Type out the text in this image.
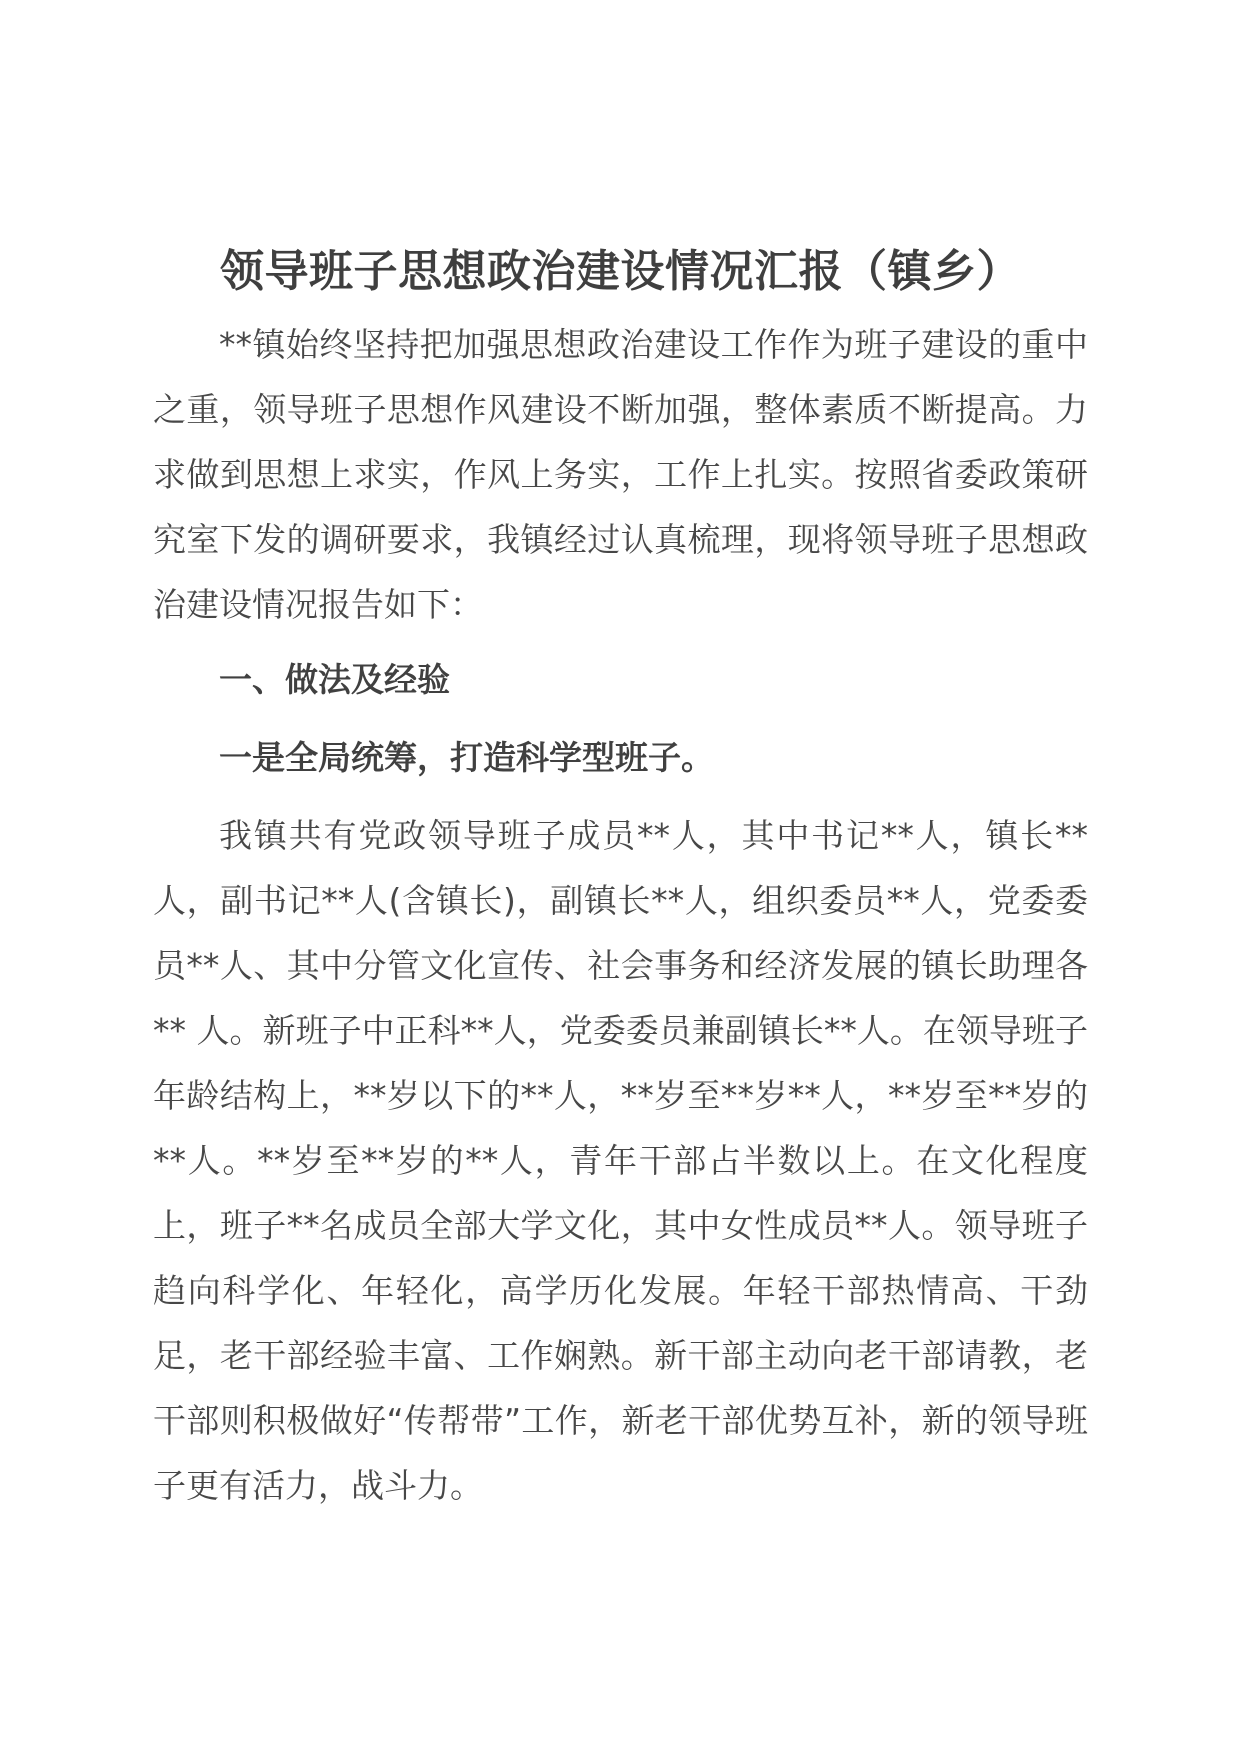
领导班子思想政治建设情况汇报（镇乡）

**镇始终坚持把加强思想政治建设工作作为班子建设的重中之重，领导班子思想作风建设不断加强，整体素质不断提高。力求做到思想上求实，作风上务实，工作上扎实。按照省委政策研究室下发的调研要求，我镇经过认真梳理，现将领导班子思想政治建设情况报告如下：

一、做法及经验

一是全局统筹，打造科学型班子。

我镇共有党政领导班子成员**人，其中书记**人，镇长**人，副书记**人(含镇长)，副镇长**人，组织委员**人，党委委员**人、其中分管文化宣传、社会事务和经济发展的镇长助理各** 人。新班子中正科**人，党委委员兼副镇长**人。在领导班子年龄结构上，**岁以下的**人，**岁至**岁**人，**岁至**岁的**人。**岁至**岁的**人，青年干部占半数以上。在文化程度上，班子**名成员全部大学文化，其中女性成员**人。领导班子趋向科学化、年轻化，高学历化发展。年轻干部热情高、干劲足，老干部经验丰富、工作娴熟。新干部主动向老干部请教，老干部则积极做好“传帮带”工作，新老干部优势互补，新的领导班子更有活力，战斗力。
